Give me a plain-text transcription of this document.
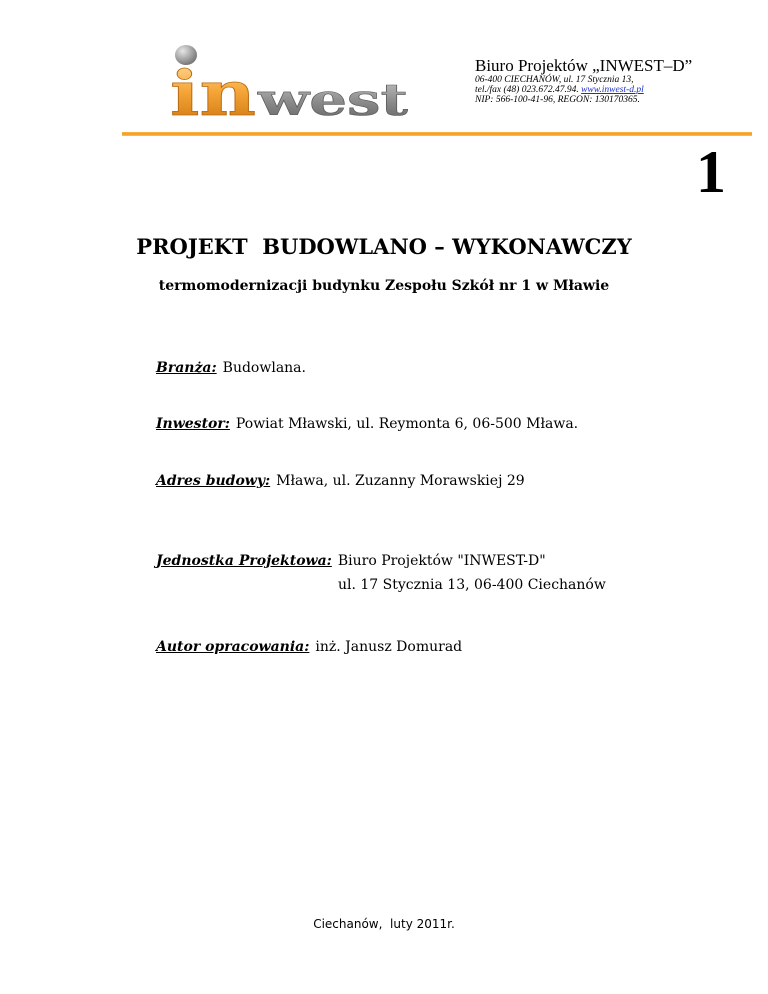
in west

Biuro Projektów „INWEST–D”

06-400 CIECHANÓW, ul. 17 Stycznia 13,

tel./fax (48) 023.672.47.94. www.inwest-d.pl

NIP: 566-100-41-96, REGON: 130170365.

1
PROJEKT  BUDOWLANO – WYKONAWCZY
termomodernizacji budynku Zespołu Szkół nr 1 w Mławie
Branża: Budowlana.
Inwestor: Powiat Mławski, ul. Reymonta 6, 06-500 Mława.
Adres budowy: Mława, ul. Zuzanny Morawskiej 29
Jednostka Projektowa: Biuro Projektów "INWEST-D"
ul. 17 Stycznia 13, 06-400 Ciechanów
Autor opracowania: inż. Janusz Domurad
Ciechanów,  luty 2011r.
